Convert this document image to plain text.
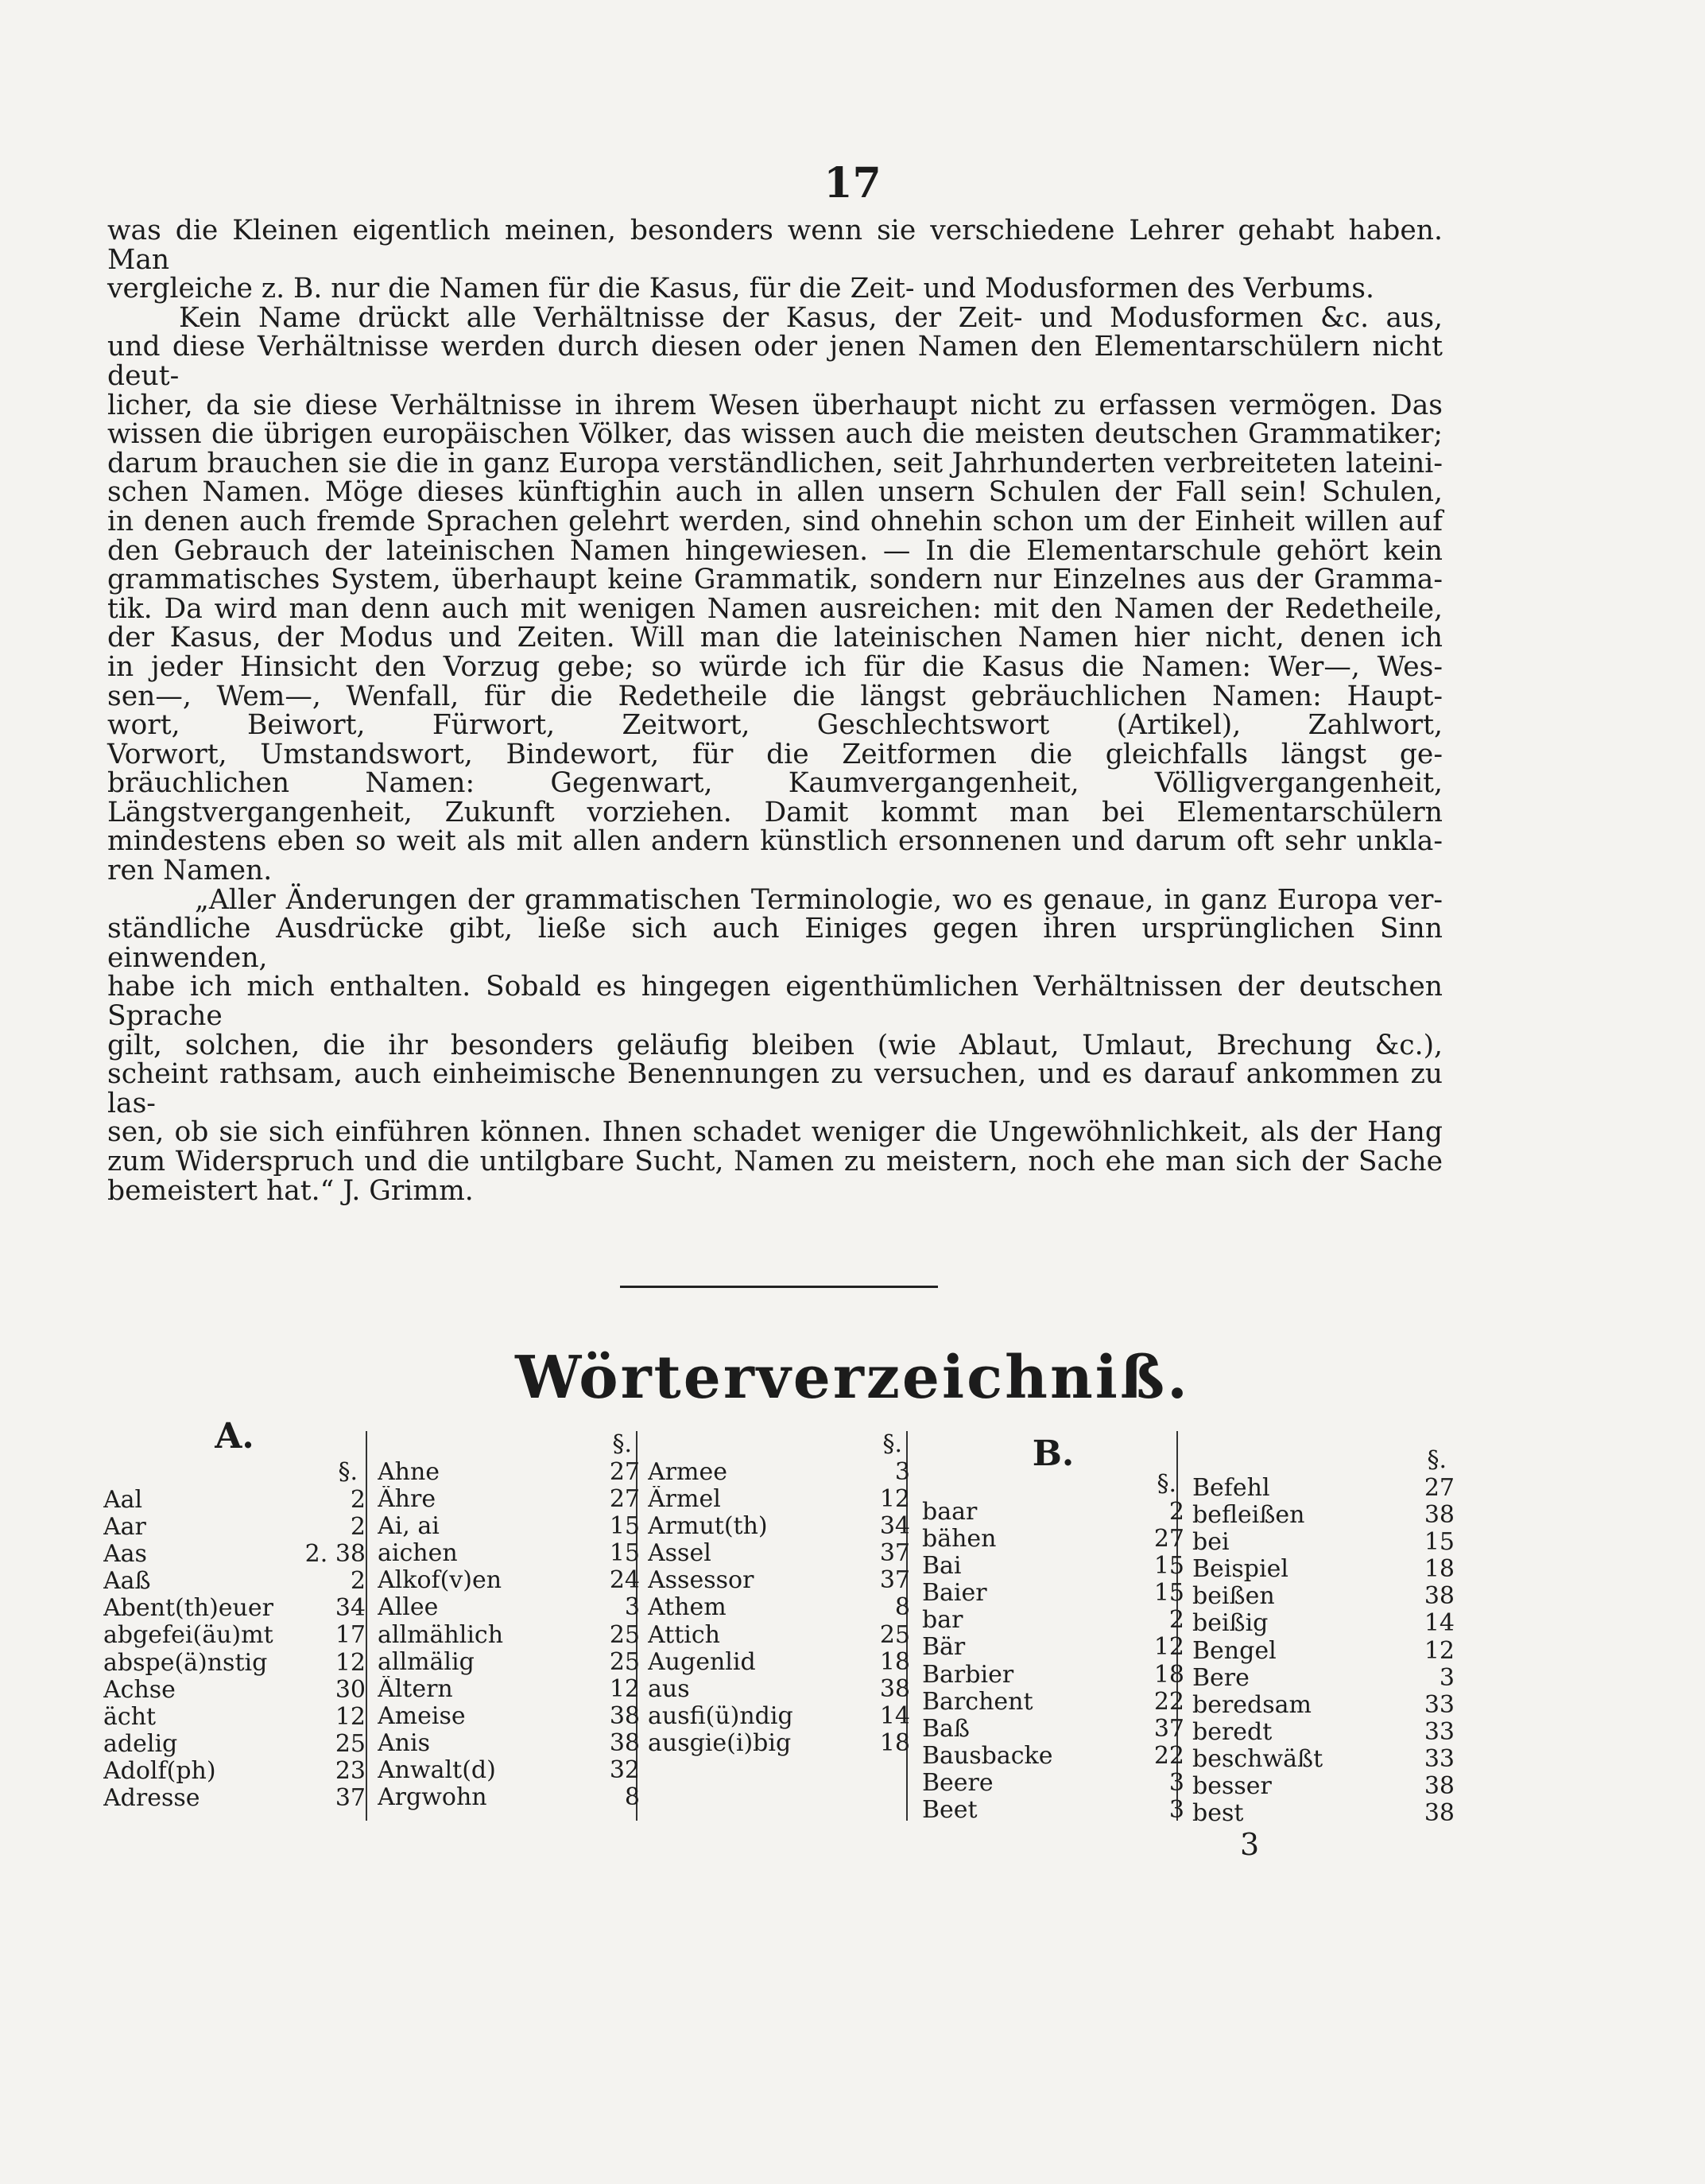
17

was die Kleinen eigentlich meinen, besonders wenn sie verschiedene Lehrer gehabt haben. Man

vergleiche z. B. nur die Namen für die Kasus, für die Zeit- und Modusformen des Verbums.

Kein Name drückt alle Verhältnisse der Kasus, der Zeit- und Modusformen &c. aus,

und diese Verhältnisse werden durch diesen oder jenen Namen den Elementarschülern nicht deut-

licher, da sie diese Verhältnisse in ihrem Wesen überhaupt nicht zu erfassen vermögen. Das

wissen die übrigen europäischen Völker, das wissen auch die meisten deutschen Grammatiker;

darum brauchen sie die in ganz Europa verständlichen, seit Jahrhunderten verbreiteten lateini-

schen Namen. Möge dieses künftighin auch in allen unsern Schulen der Fall sein! Schulen,

in denen auch fremde Sprachen gelehrt werden, sind ohnehin schon um der Einheit willen auf

den Gebrauch der lateinischen Namen hingewiesen. — In die Elementarschule gehört kein

grammatisches System, überhaupt keine Grammatik, sondern nur Einzelnes aus der Gramma-

tik. Da wird man denn auch mit wenigen Namen ausreichen: mit den Namen der Redetheile,

der Kasus, der Modus und Zeiten. Will man die lateinischen Namen hier nicht, denen ich

in jeder Hinsicht den Vorzug gebe; so würde ich für die Kasus die Namen: Wer—, Wes-

sen—, Wem—, Wenfall, für die Redetheile die längst gebräuchlichen Namen: Haupt-

wort, Beiwort, Fürwort, Zeitwort, Geschlechtswort (Artikel), Zahlwort,

Vorwort, Umstandswort, Bindewort, für die Zeitformen die gleichfalls längst ge-

bräuchlichen Namen: Gegenwart, Kaumvergangenheit, Völligvergangenheit,

Längstvergangenheit, Zukunft vorziehen. Damit kommt man bei Elementarschülern

mindestens eben so weit als mit allen andern künstlich ersonnenen und darum oft sehr unkla-

ren Namen.

„Aller Änderungen der grammatischen Terminologie, wo es genaue, in ganz Europa ver-

ständliche Ausdrücke gibt, ließe sich auch Einiges gegen ihren ursprünglichen Sinn einwenden,

habe ich mich enthalten. Sobald es hingegen eigenthümlichen Verhältnissen der deutschen Sprache

gilt, solchen, die ihr besonders geläufig bleiben (wie Ablaut, Umlaut, Brechung &c.),

scheint rathsam, auch einheimische Benennungen zu versuchen, und es darauf ankommen zu las-

sen, ob sie sich einführen können. Ihnen schadet weniger die Ungewöhnlichkeit, als der Hang

zum Widerspruch und die untilgbare Sucht, Namen zu meistern, noch ehe man sich der Sache

bemeistert hat.“ J. Grimm.

Wörterverzeichniß.
A.
§.
Aal	2
Aar	2
Aas	2. 38
Aaß	2
Abent(th)euer	34
abgefei(äu)mt	17
abspe(ä)nstig	12
Achse	30
ächt	12
adelig	25
Adolf(ph)	23
Adresse	37
§.
Ahne	27
Ähre	27
Ai, ai	15
aichen	15
Alkof(v)en	24
Allee	3
allmählich	25
allmälig	25
Ältern	12
Ameise	38
Anis	38
Anwalt(d)	32
Argwohn	8
§.
Armee	3
Ärmel	12
Armut(th)	34
Assel	37
Assessor	37
Athem	8
Attich	25
Augenlid	18
aus	38
ausfi(ü)ndig	14
ausgie(i)big	18
B.
§.
baar	2
bähen	27
Bai	15
Baier	15
bar	2
Bär	12
Barbier	18
Barchent	22
Baß	37
Bausbacke	22
Beere	3
Beet	3
§.
Befehl	27
befleißen	38
bei	15
Beispiel	18
beißen	38
beißig	14
Bengel	12
Bere	3
beredsam	33
beredt	33
beschwäßt	33
besser	38
best	38
3
